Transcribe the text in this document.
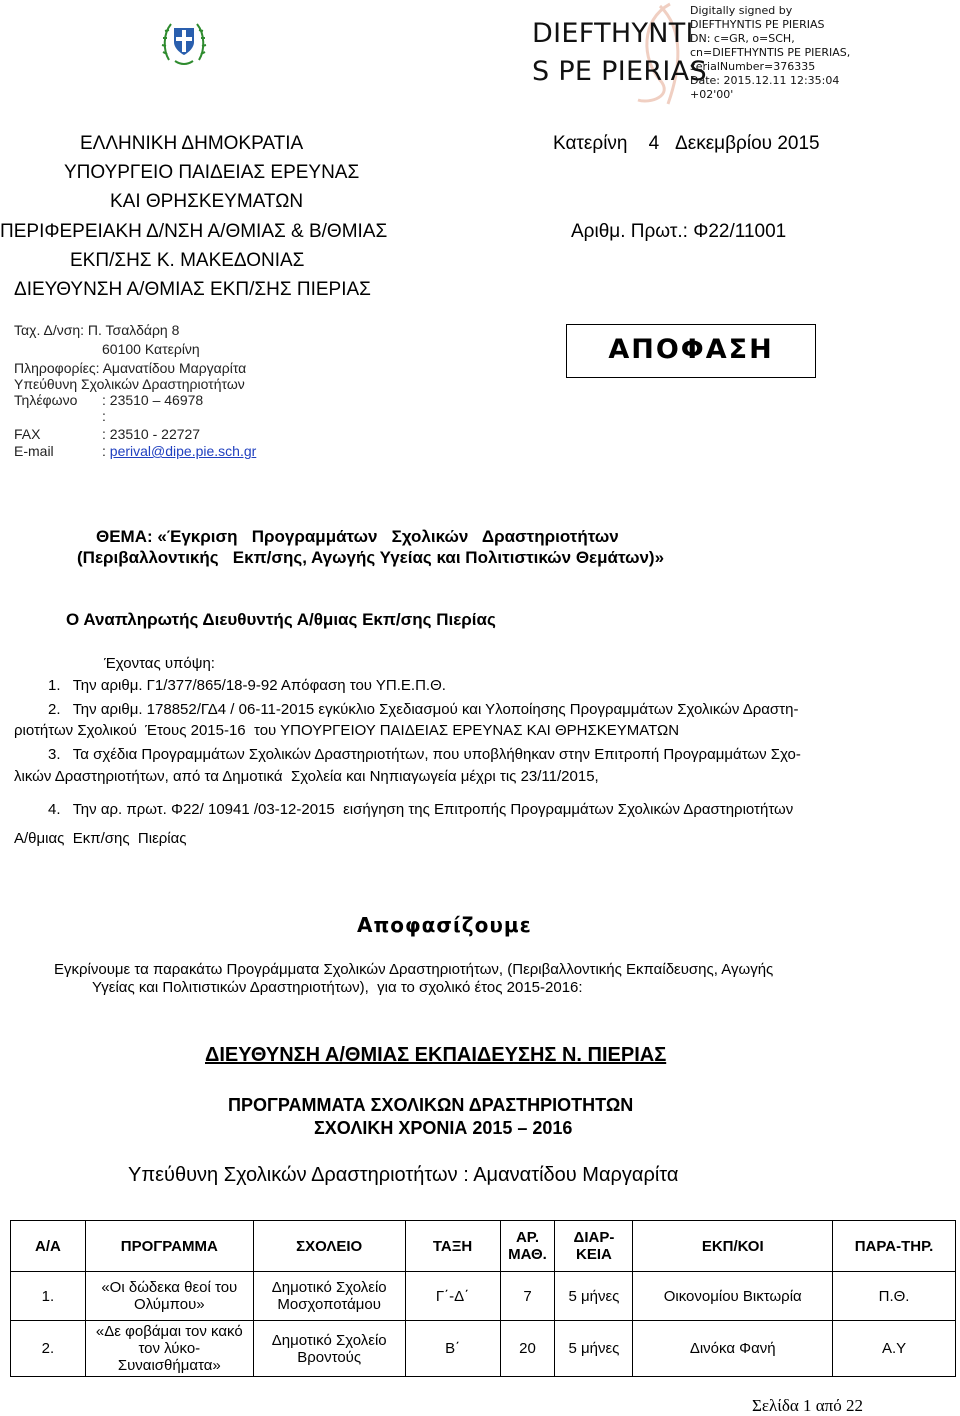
DIEFTHYNTI
S PE PIERIAS
Digitally signed by
DIEFTHYNTIS PE PIERIAS
DN: c=GR, o=SCH,
cn=DIEFTHYNTIS PE PIERIAS,
serialNumber=376335
Date: 2015.12.11 12:35:04
+02'00'
ΕΛΛΗΝΙΚΗ ΔΗΜΟΚΡΑΤΙΑ
ΥΠΟΥΡΓΕΙΟ ΠΑΙΔΕΙΑΣ ΕΡΕΥΝΑΣ
ΚΑΙ ΘΡΗΣΚΕΥΜΑΤΩΝ
ΠΕΡΙΦΕΡΕΙΑΚΗ Δ/ΝΣΗ Α/ΘΜΙΑΣ & Β/ΘΜΙΑΣ
ΕΚΠ/ΣΗΣ Κ. ΜΑΚΕΔΟΝΙΑΣ
ΔΙΕΥΘΥΝΣΗ Α/ΘΜΙΑΣ ΕΚΠ/ΣΗΣ ΠΙΕΡΙΑΣ
Κατερίνη 4 Δεκεμβρίου 2015
Αριθμ. Πρωτ.: Φ22/11001
Ταχ. Δ/νση: Π. Τσαλδάρη 8
60100 Κατερίνη
Πληροφορίες: Αμανατίδου Μαργαρίτα
Υπεύθυνη Σχολικών Δραστηριοτήτων
Τηλέφωνο : 23510 – 46978
:
FAX	: 23510 - 22727
E-mail	: perival@dipe.pie.sch.gr
ΑΠΟΦΑΣΗ
ΘΕΜΑ: «Έγκριση   Προγραμμάτων   Σχολικών   Δραστηριοτήτων
(Περιβαλλοντικής   Εκπ/σης, Αγωγής Υγείας και Πολιτιστικών Θεμάτων)»
Ο Αναπληρωτής Διευθυντής Α/θμιας Εκπ/σης Πιερίας
Έχοντας υπόψη:
1.   Την αριθμ. Γ1/377/865/18-9-92 Απόφαση του ΥΠ.Ε.Π.Θ.
2.   Την αριθμ. 178852/ΓΔ4 / 06-11-2015 εγκύκλιο Σχεδιασμού και Υλοποίησης Προγραμμάτων Σχολικών Δραστη-
ριοτήτων Σχολικού  Έτους 2015-16  του ΥΠΟΥΡΓΕΙΟΥ ΠΑΙΔΕΙΑΣ ΕΡΕΥΝΑΣ ΚΑΙ ΘΡΗΣΚΕΥΜΑΤΩΝ
3.   Τα σχέδια Προγραμμάτων Σχολικών Δραστηριοτήτων, που υποβλήθηκαν στην Επιτροπή Προγραμμάτων Σχο-
λικών Δραστηριοτήτων, από τα Δημοτικά  Σχολεία και Νηπιαγωγεία μέχρι τις 23/11/2015,
4.   Την αρ. πρωτ. Φ22/ 10941 /03-12-2015  εισήγηση της Επιτροπής Προγραμμάτων Σχολικών Δραστηριοτήτων
Α/θμιας  Εκπ/σης  Πιερίας
Αποφασίζουμε
Εγκρίνουμε τα παρακάτω Προγράμματα Σχολικών Δραστηριοτήτων, (Περιβαλλοντικής Εκπαίδευσης, Αγωγής
Υγείας και Πολιτιστικών Δραστηριοτήτων),  για το σχολικό έτος 2015-2016:
ΔΙΕΥΘΥΝΣΗ Α/ΘΜΙΑΣ ΕΚΠΑΙΔΕΥΣΗΣ Ν. ΠΙΕΡΙΑΣ
ΠΡΟΓΡΑΜΜΑΤΑ ΣΧΟΛΙΚΩΝ ΔΡΑΣΤΗΡΙΟΤΗΤΩΝ
ΣΧΟΛΙΚΗ ΧΡΟΝΙΑ 2015 – 2016
Υπεύθυνη Σχολικών Δραστηριοτήτων : Αμανατίδου Μαργαρίτα
Α/Α	ΠΡΟΓΡΑΜΜΑ	ΣΧΟΛΕΙΟ	ΤΑΞΗ	ΑΡ. ΜΑΘ.	ΔΙΑΡ-ΚΕΙΑ	ΕΚΠ/ΚΟΙ	ΠΑΡΑ-ΤΗΡ.
1.	«Οι δώδεκα θεοί του Ολύμπου»	Δημοτικό Σχολείο Μοσχοποτάμου	Γ΄-Δ΄	7	5 μήνες	Οικονομίου Βικτωρία	Π.Θ.
2.	«Δε φοβάμαι τον κακό τον λύκο-Συναισθήματα»	Δημοτικό Σχολείο Βροντούς	Β΄	20	5 μήνες	Δινόκα Φανή	Α.Υ
Σελίδα 1 από 22
